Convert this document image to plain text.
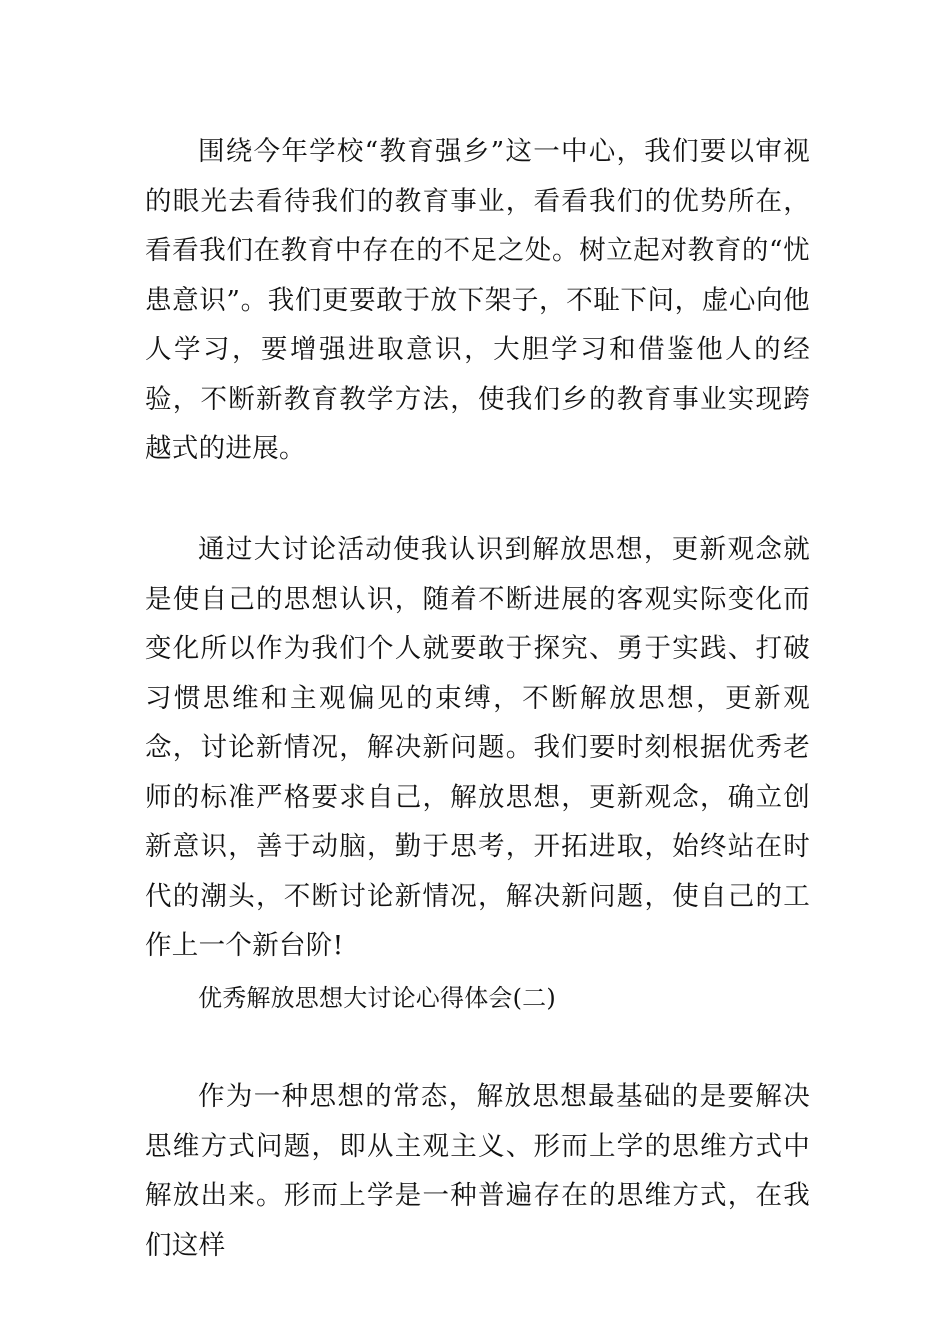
围绕今年学校“教育强乡”这一中心，我们要以审视的眼光去看待我们的教育事业，看看我们的优势所在，看看我们在教育中存在的不足之处。树立起对教育的“忧患意识”。我们更要敢于放下架子，不耻下问，虚心向他人学习，要增强进取意识，大胆学习和借鉴他人的经验，不断新教育教学方法，使我们乡的教育事业实现跨越式的进展。

通过大讨论活动使我认识到解放思想，更新观念就是使自己的思想认识，随着不断进展的客观实际变化而变化所以作为我们个人就要敢于探究、勇于实践、打破习惯思维和主观偏见的束缚，不断解放思想，更新观念，讨论新情况，解决新问题。我们要时刻根据优秀老师的标准严格要求自己，解放思想，更新观念，确立创新意识，善于动脑，勤于思考，开拓进取，始终站在时代的潮头，不断讨论新情况，解决新问题，使自己的工作上一个新台阶!

优秀解放思想大讨论心得体会(二)

作为一种思想的常态，解放思想最基础的是要解决思维方式问题，即从主观主义、形而上学的思维方式中解放出来。形而上学是一种普遍存在的思维方式，在我们这样
